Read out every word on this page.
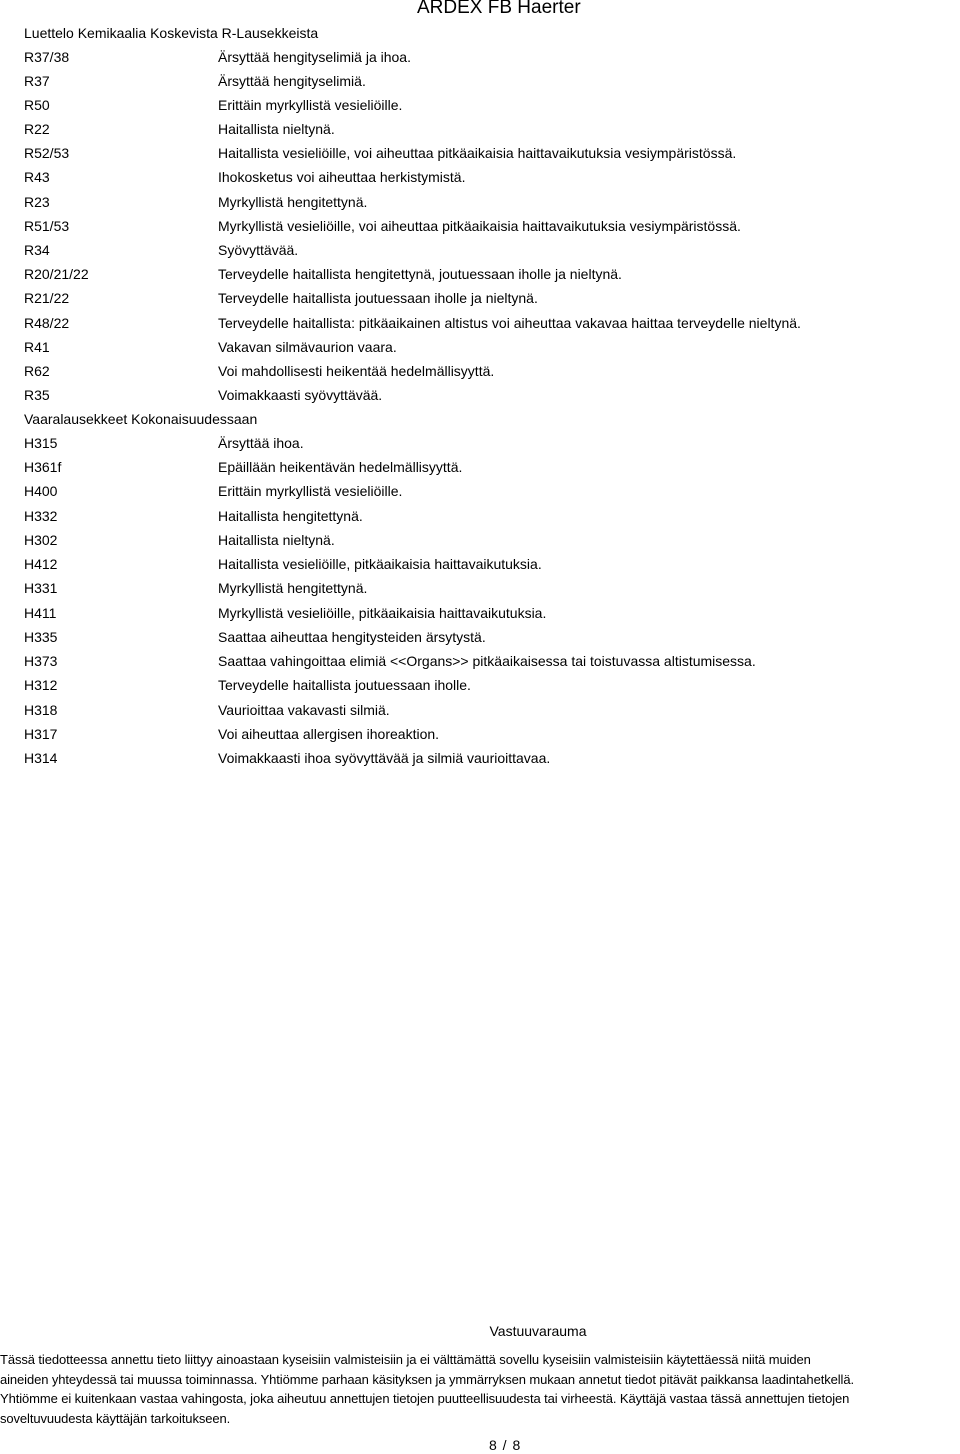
ARDEX FB Haerter
Luettelo Kemikaalia Koskevista R-Lausekkeista
R37/38	Ärsyttää hengityselimiä ja ihoa.
R37	Ärsyttää hengityselimiä.
R50	Erittäin myrkyllistä vesieliöille.
R22	Haitallista nieltynä.
R52/53	Haitallista vesieliöille, voi aiheuttaa pitkäaikaisia haittavaikutuksia vesiympäristössä.
R43	Ihokosketus voi aiheuttaa herkistymistä.
R23	Myrkyllistä hengitettynä.
R51/53	Myrkyllistä vesieliöille, voi aiheuttaa pitkäaikaisia haittavaikutuksia vesiympäristössä.
R34	Syövyttävää.
R20/21/22	Terveydelle haitallista hengitettynä, joutuessaan iholle ja nieltynä.
R21/22	Terveydelle haitallista joutuessaan iholle ja nieltynä.
R48/22	Terveydelle haitallista: pitkäaikainen altistus voi aiheuttaa vakavaa haittaa terveydelle nieltynä.
R41	Vakavan silmävaurion vaara.
R62	Voi mahdollisesti heikentää hedelmällisyyttä.
R35	Voimakkaasti syövyttävää.
Vaaralausekkeet Kokonaisuudessaan
H315	Ärsyttää ihoa.
H361f	Epäillään heikentävän hedelmällisyyttä.
H400	Erittäin myrkyllistä vesieliöille.
H332	Haitallista hengitettynä.
H302	Haitallista nieltynä.
H412	Haitallista vesieliöille, pitkäaikaisia haittavaikutuksia.
H331	Myrkyllistä hengitettynä.
H411	Myrkyllistä vesieliöille, pitkäaikaisia haittavaikutuksia.
H335	Saattaa aiheuttaa hengitysteiden ärsytystä.
H373	Saattaa vahingoittaa elimiä <<Organs>> pitkäaikaisessa tai toistuvassa altistumisessa.
H312	Terveydelle haitallista joutuessaan iholle.
H318	Vaurioittaa vakavasti silmiä.
H317	Voi aiheuttaa allergisen ihoreaktion.
H314	Voimakkaasti ihoa syövyttävää ja silmiä vaurioittavaa.
Vastuuvarauma
Tässä tiedotteessa annettu tieto liittyy ainoastaan kyseisiin valmisteisiin ja ei välttämättä sovellu kyseisiin valmisteisiin käytettäessä niitä muiden
aineiden yhteydessä tai muussa toiminnassa. Yhtiömme parhaan käsityksen ja ymmärryksen mukaan annetut tiedot pitävät paikkansa laadintahetkellä.
Yhtiömme ei kuitenkaan vastaa vahingosta, joka aiheutuu annettujen tietojen puutteellisuudesta tai virheestä. Käyttäjä vastaa tässä annettujen tietojen
soveltuvuudesta käyttäjän tarkoitukseen.
8 / 8
